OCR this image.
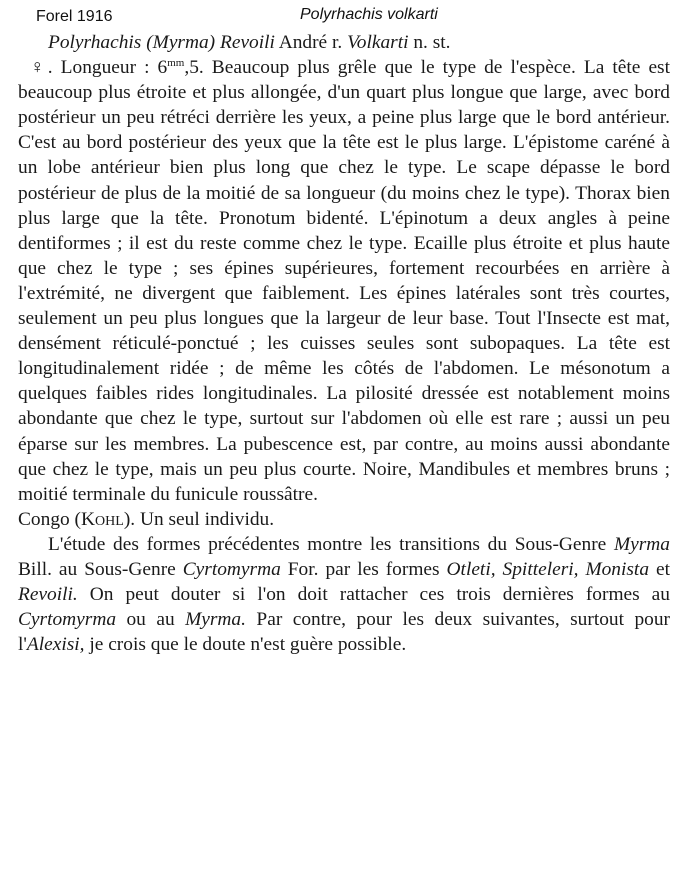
Forel 1916	Polyrhachis volkarti

Polyrhachis (Myrma) Revoili André r. Volkarti n. st.

♀. Longueur : $6^{mm},5$. Beaucoup plus grêle que le type de l'espèce. La tête est beaucoup plus étroite et plus allongée, d'un quart plus longue que large, avec bord postérieur un peu rétréci derrière les yeux, a peine plus large que le bord antérieur. C'est au bord postérieur des yeux que la tête est le plus large. L'épistome caréné à un lobe antérieur bien plus long que chez le type. Le scape dépasse le bord postérieur de plus de la moitié de sa longueur (du moins chez le type). Thorax bien plus large que la tête. Pronotum bidenté. L'épinotum a deux angles à peine dentiformes ; il est du reste comme chez le type. Ecaille plus étroite et plus haute que chez le type ; ses épines supérieures, fortement recourbées en arrière à l'extrémité, ne divergent que faiblement. Les épines latérales sont très courtes, seulement un peu plus longues que la largeur de leur base. Tout l'Insecte est mat, densément réticulé-ponctué ; les cuisses seules sont subopaques. La tête est longitudinalement ridée ; de même les côtés de l'abdomen. Le mésonotum a quelques faibles rides longitudinales. La pilosité dressée est notablement moins abondante que chez le type, surtout sur l'abdomen où elle est rare ; aussi un peu éparse sur les membres. La pubescence est, par contre, au moins aussi abondante que chez le type, mais un peu plus courte. Noire, Mandibules et membres bruns ; moitié terminale du funicule roussâtre.

Congo (Kohl). Un seul individu.

L'étude des formes précédentes montre les transitions du Sous-Genre Myrma Bill. au Sous-Genre Cyrtomyrma For. par les formes Otleti, Spitteleri, Monista et Revoili. On peut douter si l'on doit rattacher ces trois dernières formes au Cyrtomyrma ou au Myrma. Par contre, pour les deux suivantes, surtout pour l'Alexisi, je crois que le doute n'est guère possible.
